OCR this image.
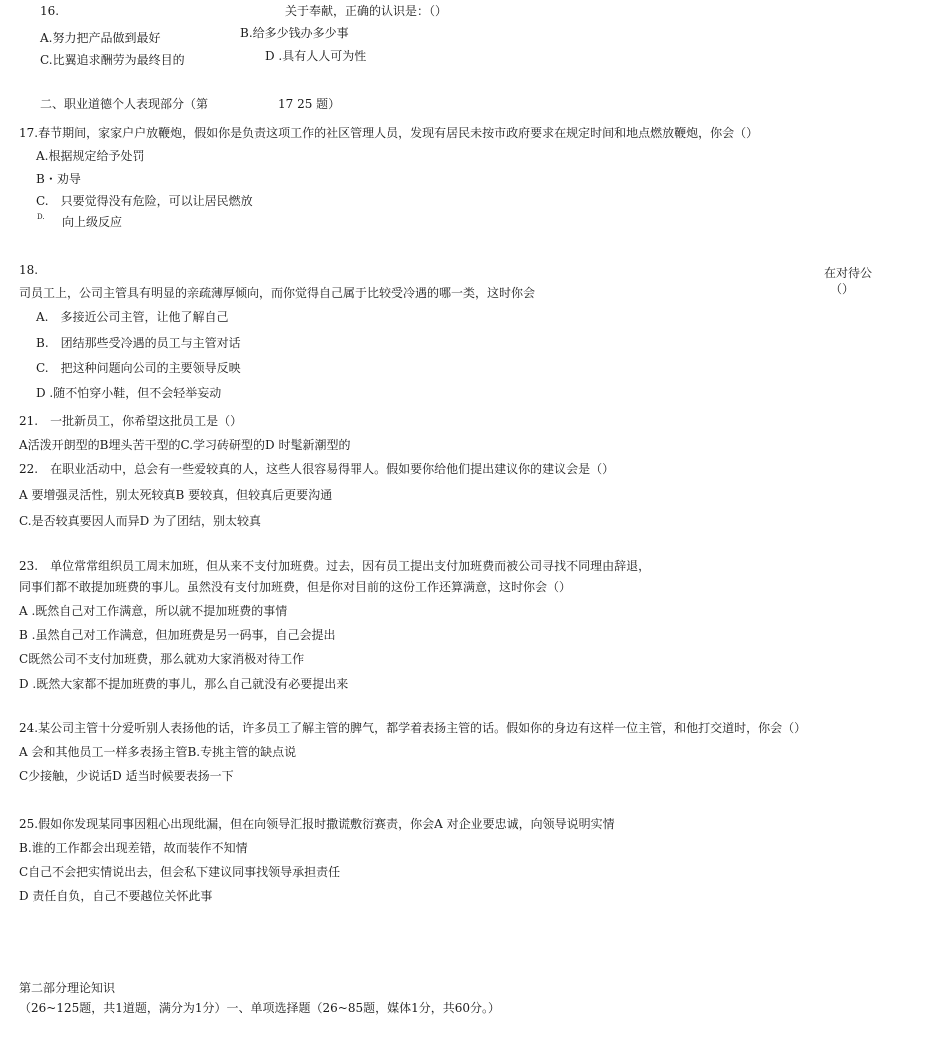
16.	关于奉献，正确的认识是：（）
A.努力把产品做到最好	B.给多少钱办多少事
C.比翼追求酬劳为最终目的	D .具有人人可为性
二、职业道德个人表现部分（第	17 25 题）
17.春节期间，家家户户放鞭炮，假如你是负责这项工作的社区管理人员，发现有居民未按市政府要求在规定时间和地点燃放鞭炮，你会（）
A.根据规定给予处罚
B・劝导
C.　只要觉得没有危险，可以让居民燃放
D. 向上级反应
18.	在对待公
（）
司员工上，公司主管具有明显的亲疏薄厚倾向，而你觉得自己属于比较受冷遇的哪一类，这时你会
A.　多接近公司主管，让他了解自己
B.　团结那些受冷遇的员工与主管对话
C.　把这种问题向公司的主要领导反映
D .随不怕穿小鞋，但不会轻举妄动
21.　一批新员工，你希望这批员工是（）
A活泼开朗型的B埋头苦干型的C.学习砖研型的D 时髦新潮型的
22.　在职业活动中，总会有一些爱较真的人，这些人很容易得罪人。假如要你给他们提出建议你的建议会是（）
A 要增强灵活性，别太死较真B 要较真，但较真后更要沟通
C.是否较真要因人而异D 为了团结，别太较真
23.　单位常常组织员工周末加班，但从来不支付加班费。过去，因有员工提出支付加班费而被公司寻找不同理由辞退，
同事们都不敢提加班费的事儿。虽然没有支付加班费，但是你对目前的这份工作还算满意，这时你会（）
A .既然自己对工作满意，所以就不提加班费的事情
B .虽然自己对工作满意，但加班费是另一码事，自己会提出
C既然公司不支付加班费，那么就劝大家消极对待工作
D .既然大家都不提加班费的事儿，那么自己就没有必要提出来
24.某公司主管十分爱听别人表扬他的话，许多员工了解主管的脾气，都学着表扬主管的话。假如你的身边有这样一位主管，和他打交道时，你会（）
A 会和其他员工一样多表扬主管B.专挑主管的缺点说
C少接触，少说话D 适当时候要表扬一下
25.假如你发现某同事因粗心出现纰漏，但在向领导汇报时撒谎敷衍赛责，你会A 对企业要忠诚，向领导说明实情
B.谁的工作都会出现差错，故而装作不知情
C自己不会把实情说出去，但会私下建议同事找领导承担责任
D 责任自负，自己不要越位关怀此事
第二部分理论知识
（26~125题，共1道题，满分为1分）一、单项选择题（26~85题，媒体1分，共60分。）
